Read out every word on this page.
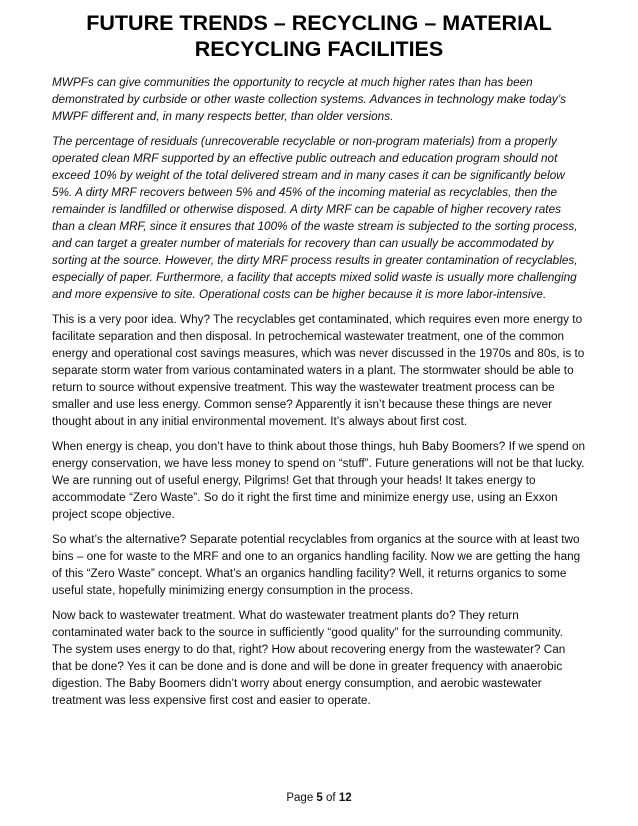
FUTURE TRENDS – RECYCLING – MATERIAL
RECYCLING FACILITIES

MWPFs can give communities the opportunity to recycle at much higher rates than has been demonstrated by curbside or other waste collection systems. Advances in technology make today’s MWPF different and, in many respects better, than older versions.

The percentage of residuals (unrecoverable recyclable or non-program materials) from a properly operated clean MRF supported by an effective public outreach and education program should not exceed 10% by weight of the total delivered stream and in many cases it can be significantly below 5%. A dirty MRF recovers between 5% and 45% of the incoming material as recyclables, then the remainder is landfilled or otherwise disposed. A dirty MRF can be capable of higher recovery rates than a clean MRF, since it ensures that 100% of the waste stream is subjected to the sorting process, and can target a greater number of materials for recovery than can usually be accommodated by sorting at the source. However, the dirty MRF process results in greater contamination of recyclables, especially of paper. Furthermore, a facility that accepts mixed solid waste is usually more challenging and more expensive to site. Operational costs can be higher because it is more labor-intensive.

This is a very poor idea. Why? The recyclables get contaminated, which requires even more energy to facilitate separation and then disposal. In petrochemical wastewater treatment, one of the common energy and operational cost savings measures, which was never discussed in the 1970s and 80s, is to separate storm water from various contaminated waters in a plant. The stormwater should be able to return to source without expensive treatment. This way the wastewater treatment process can be smaller and use less energy. Common sense? Apparently it isn’t because these things are never thought about in any initial environmental movement. It’s always about first cost.

When energy is cheap, you don’t have to think about those things, huh Baby Boomers? If we spend on energy conservation, we have less money to spend on “stuff”. Future generations will not be that lucky. We are running out of useful energy, Pilgrims! Get that through your heads! It takes energy to accommodate “Zero Waste”. So do it right the first time and minimize energy use, using an Exxon project scope objective.

So what’s the alternative? Separate potential recyclables from organics at the source with at least two bins – one for waste to the MRF and one to an organics handling facility. Now we are getting the hang of this “Zero Waste” concept. What’s an organics handling facility? Well, it returns organics to some useful state, hopefully minimizing energy consumption in the process.

Now back to wastewater treatment. What do wastewater treatment plants do? They return contaminated water back to the source in sufficiently “good quality” for the surrounding community. The system uses energy to do that, right? How about recovering energy from the wastewater? Can that be done? Yes it can be done and is done and will be done in greater frequency with anaerobic digestion. The Baby Boomers didn’t worry about energy consumption, and aerobic wastewater treatment was less expensive first cost and easier to operate.

Page 5 of 12
